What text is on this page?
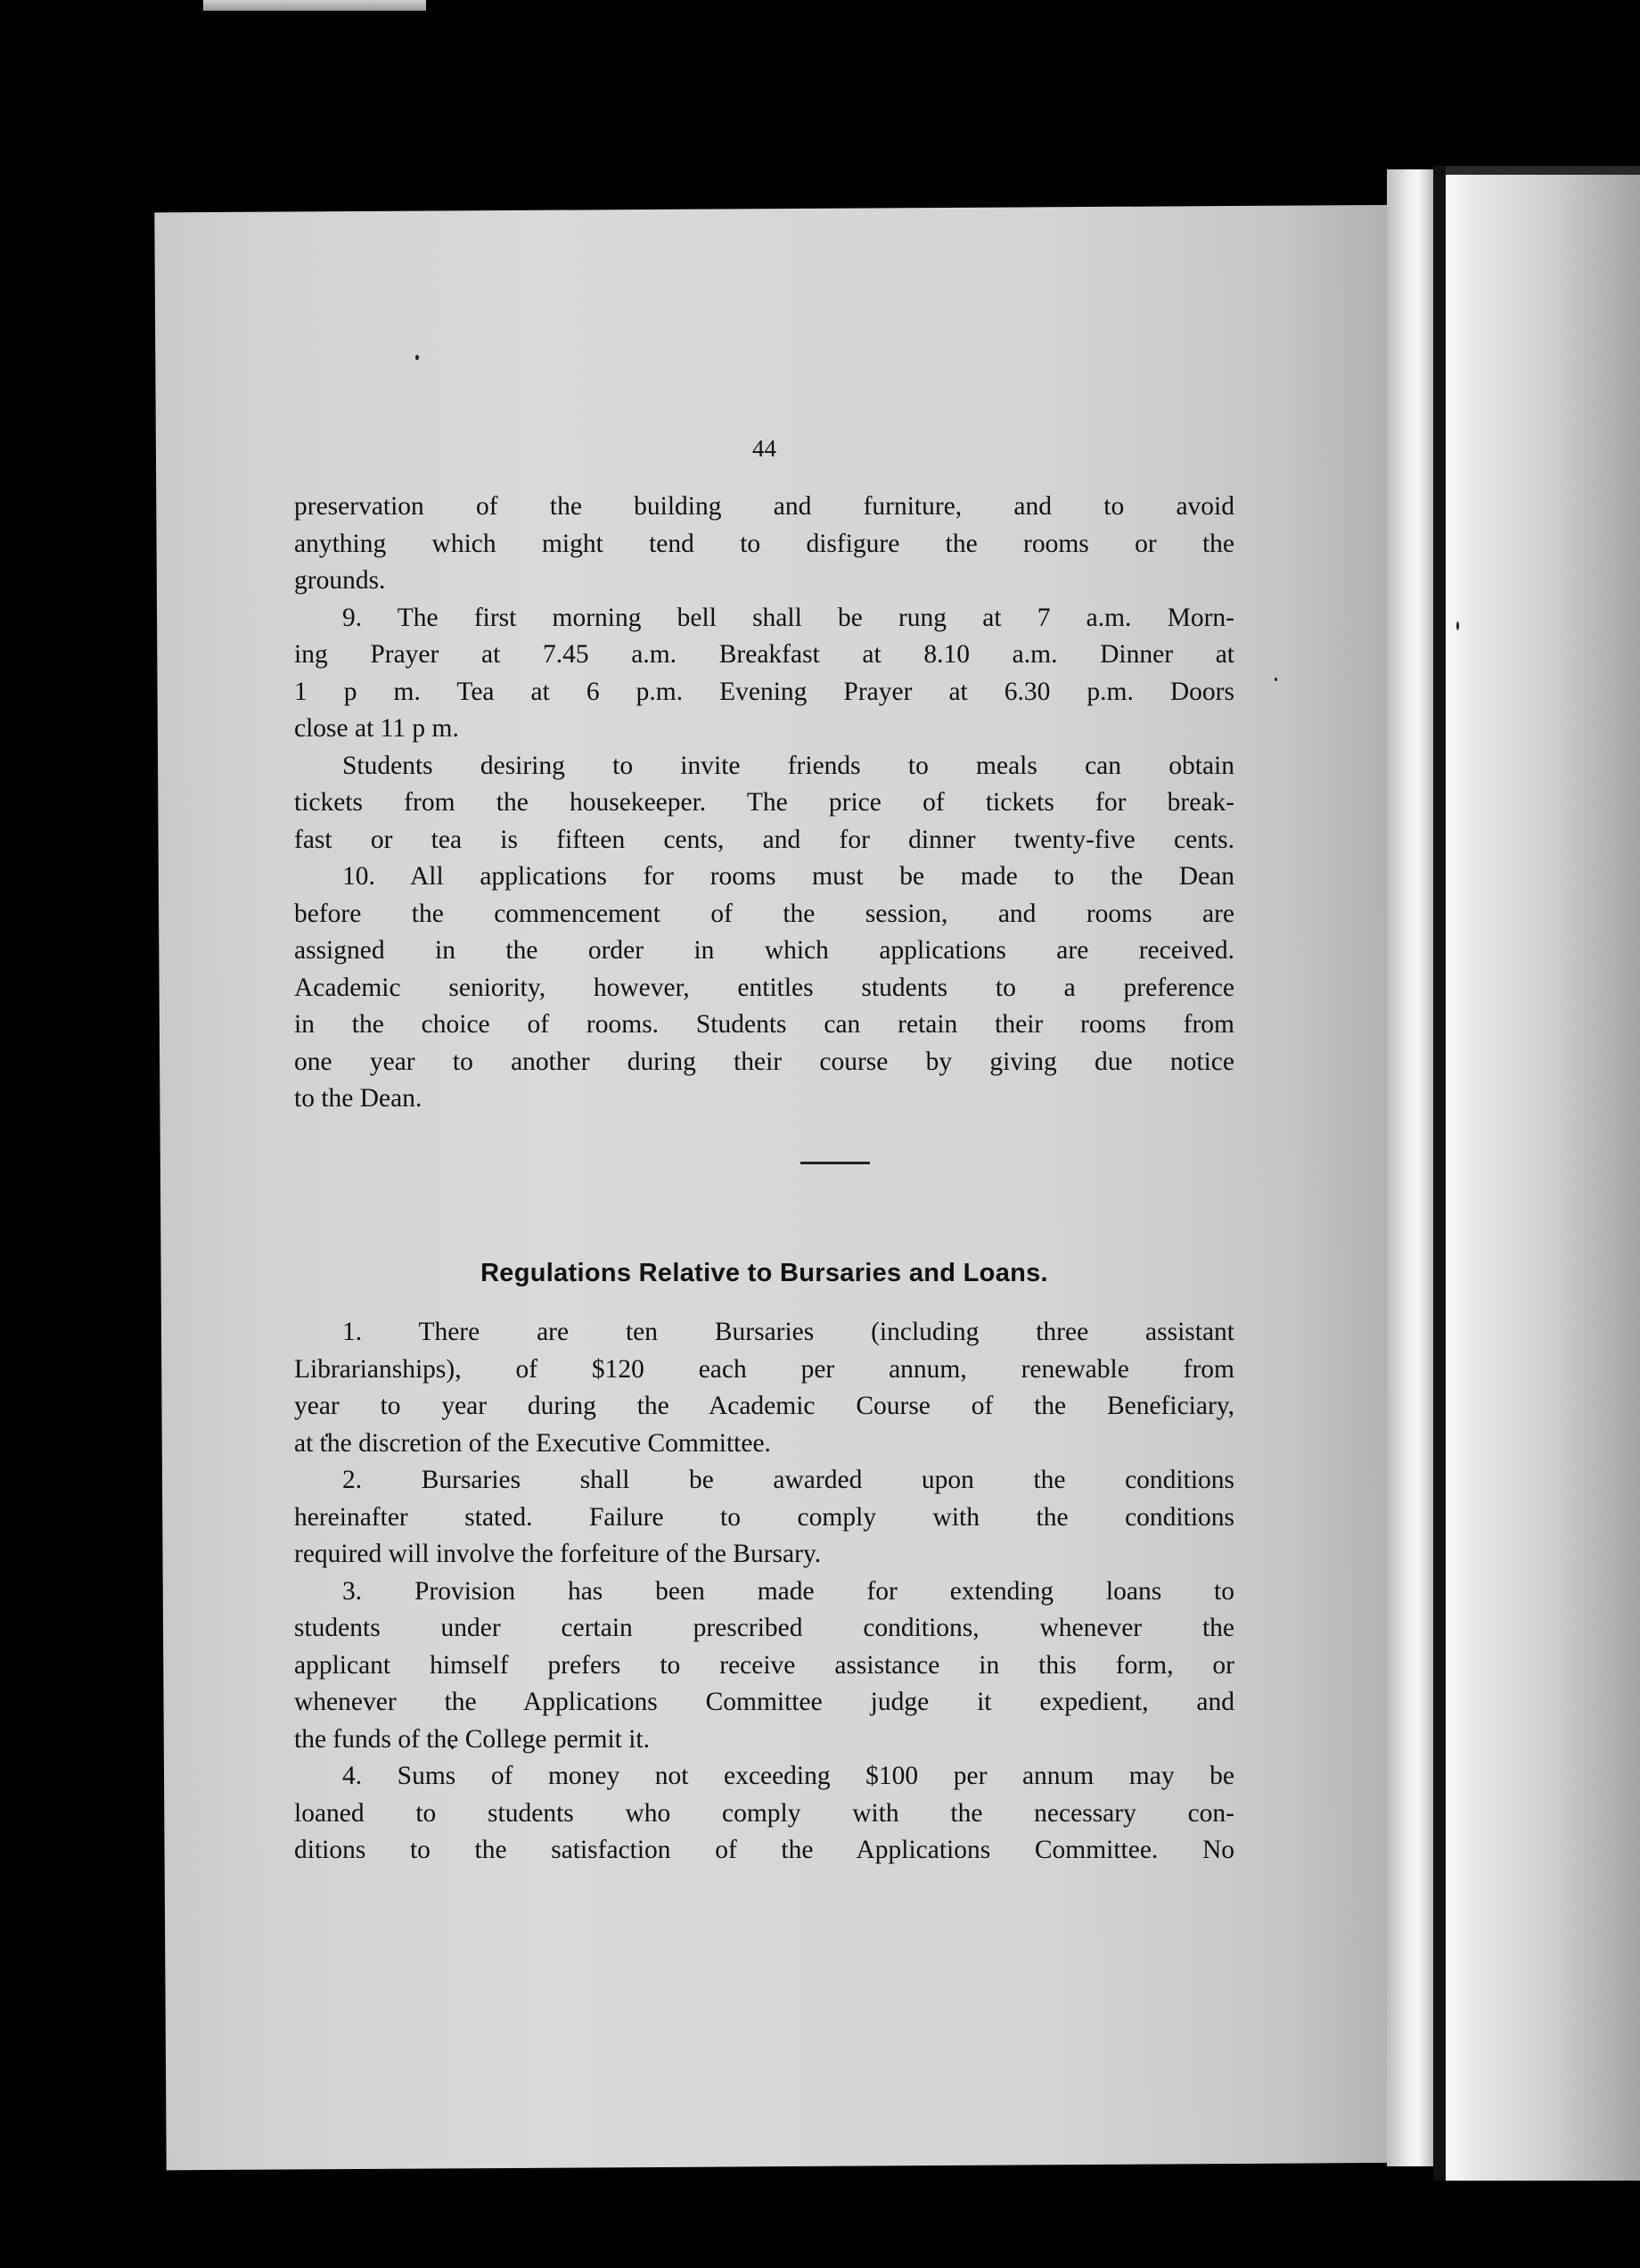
44
preservation of the building and furniture, and to avoid
anything which might tend to disfigure the rooms or the
grounds.
9. The first morning bell shall be rung at 7 a.m. Morn-
ing Prayer at 7.45 a.m. Breakfast at 8.10 a.m. Dinner at
1 p m. Tea at 6 p.m. Evening Prayer at 6.30 p.m. Doors
close at 11 p m.
Students desiring to invite friends to meals can obtain
tickets from the housekeeper. The price of tickets for break-
fast or tea is fifteen cents, and for dinner twenty-five cents.
10. All applications for rooms must be made to the Dean
before the commencement of the session, and rooms are
assigned in the order in which applications are received.
Academic seniority, however, entitles students to a preference
in the choice of rooms. Students can retain their rooms from
one year to another during their course by giving due notice
to the Dean.
Regulations Relative to Bursaries and Loans.
1. There are ten Bursaries (including three assistant
Librarianships), of $120 each per annum, renewable from
year to year during the Academic Course of the Beneficiary,
at the discretion of the Executive Committee.
2. Bursaries shall be awarded upon the conditions
hereinafter stated. Failure to comply with the conditions
required will involve the forfeiture of the Bursary.
3. Provision has been made for extending loans to
students under certain prescribed conditions, whenever the
applicant himself prefers to receive assistance in this form, or
whenever the Applications Committee judge it expedient, and
the funds of the College permit it.
4. Sums of money not exceeding $100 per annum may be
loaned to students who comply with the necessary con-
ditions to the satisfaction of the Applications Committee. No
